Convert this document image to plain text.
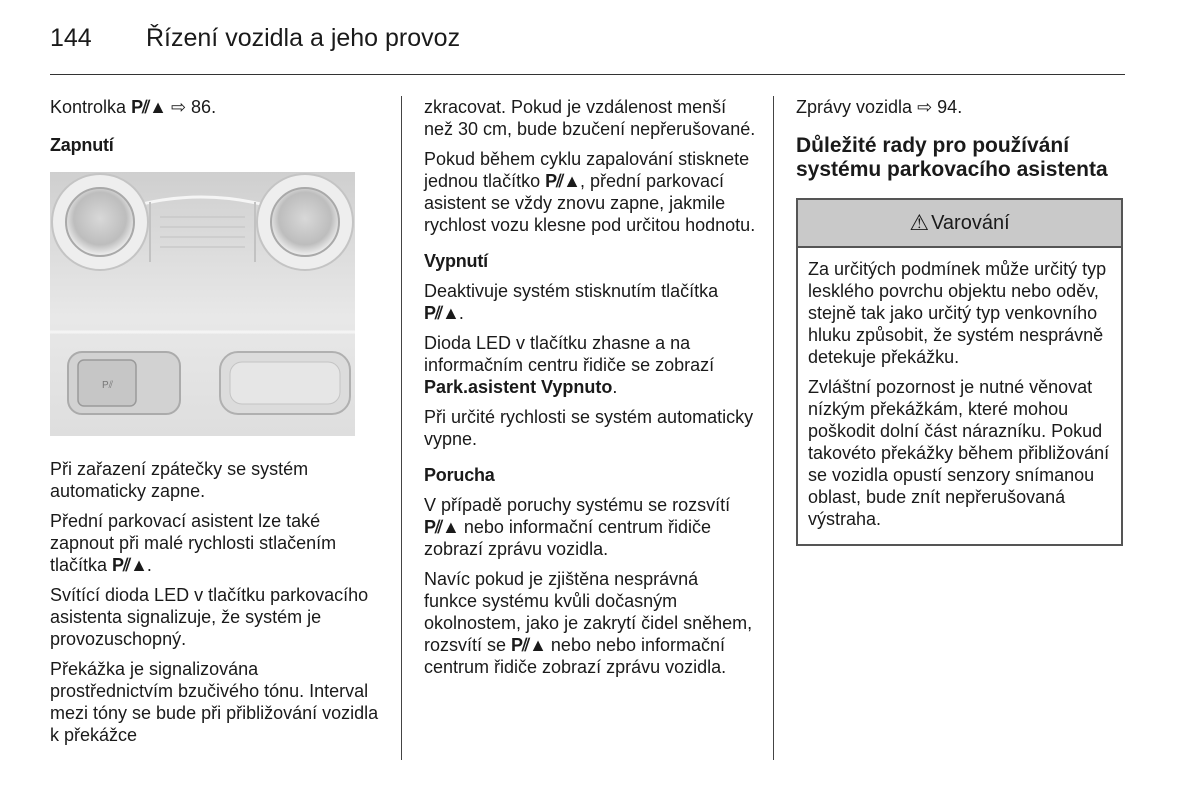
144 Řízení vozidla a jeho provoz

Kontrolka P⫽▲ ⇨ 86.

Zapnutí

P⫽

Při zařazení zpátečky se systém automaticky zapne.

Přední parkovací asistent lze také zapnout při malé rychlosti stlačením tlačítka P⫽▲.

Svítící dioda LED v tlačítku parkovacího asistenta signalizuje, že systém je provozuschopný.

Překážka je signalizována prostřednictvím bzučivého tónu. Interval mezi tóny se bude při přibližování vozidla k překážce

zkracovat. Pokud je vzdálenost menší než 30 cm, bude bzučení nepřerušované.

Pokud během cyklu zapalování stisknete jednou tlačítko P⫽▲, přední parkovací asistent se vždy znovu zapne, jakmile rychlost vozu klesne pod určitou hodnotu.

Vypnutí

Deaktivuje systém stisknutím tlačítka P⫽▲.

Dioda LED v tlačítku zhasne a na informačním centru řidiče se zobrazí Park.asistent Vypnuto.

Při určité rychlosti se systém automaticky vypne.

Porucha

V případě poruchy systému se rozsvítí P⫽▲ nebo informační centrum řidiče zobrazí zprávu vozidla.

Navíc pokud je zjištěna nesprávná funkce systému kvůli dočasným okolnostem, jako je zakrytí čidel sněhem, rozsvítí se P⫽▲ nebo nebo informační centrum řidiče zobrazí zprávu vozidla.

Zprávy vozidla ⇨ 94.

Důležité rady pro používání systému parkovacího asistenta
⚠ Varování

Za určitých podmínek může určitý typ lesklého povrchu objektu nebo oděv, stejně tak jako určitý typ venkovního hluku způsobit, že systém nesprávně detekuje překážku.

Zvláštní pozornost je nutné věnovat nízkým překážkám, které mohou poškodit dolní část nárazníku. Pokud takovéto překážky během přibližování se vozidla opustí senzory snímanou oblast, bude znít nepřerušovaná výstraha.
